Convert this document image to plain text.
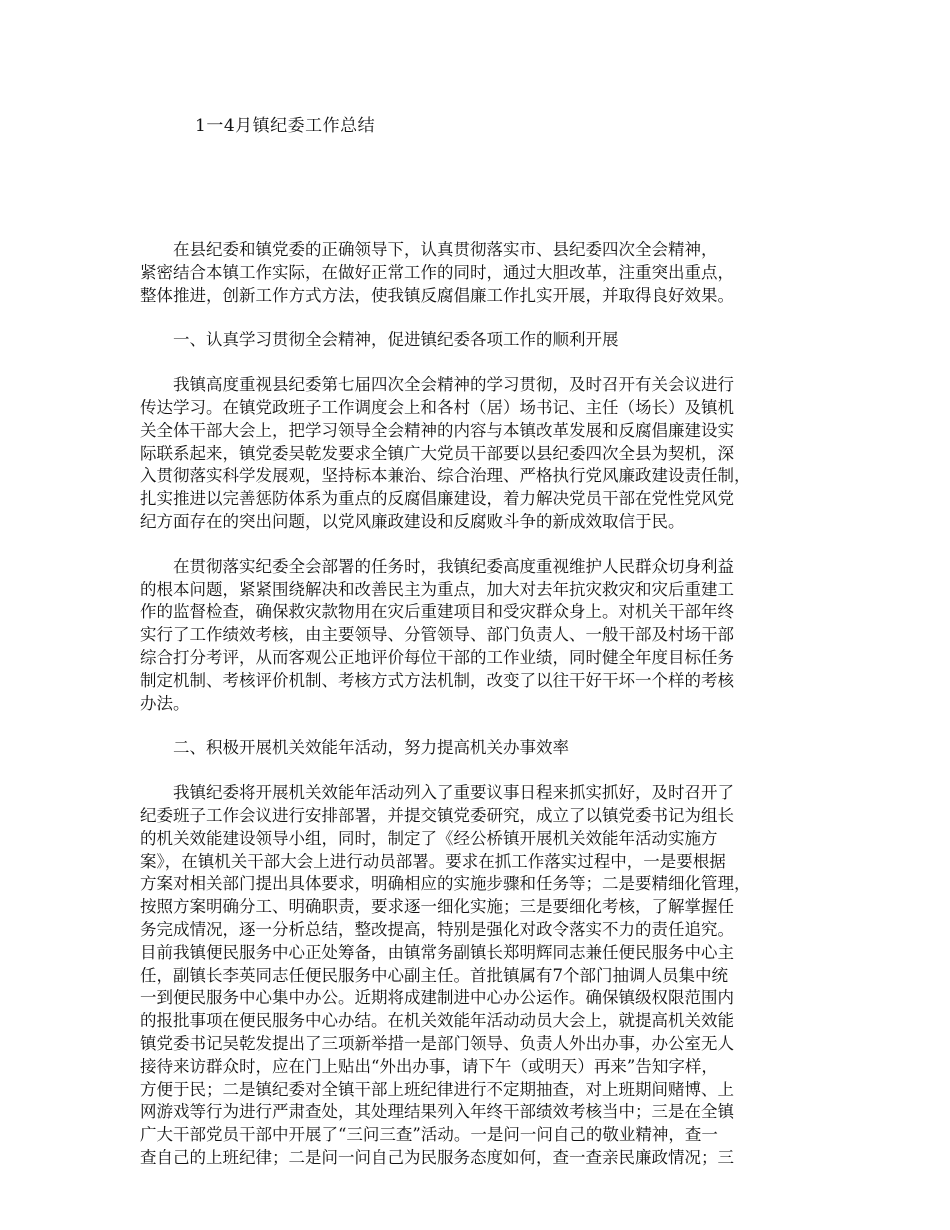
1一4月镇纪委工作总结

　　在县纪委和镇党委的正确领导下，认真贯彻落实市、县纪委四次全会精神，
紧密结合本镇工作实际，在做好正常工作的同时，通过大胆改革，注重突出重点，
整体推进，创新工作方式方法，使我镇反腐倡廉工作扎实开展，并取得良好效果。

　　一、认真学习贯彻全会精神，促进镇纪委各项工作的顺利开展

　　我镇高度重视县纪委第七届四次全会精神的学习贯彻，及时召开有关会议进行
传达学习。在镇党政班子工作调度会上和各村（居）场书记、主任（场长）及镇机
关全体干部大会上，把学习领导全会精神的内容与本镇改革发展和反腐倡廉建设实
际联系起来，镇党委吴乾发要求全镇广大党员干部要以县纪委四次全县为契机，深
入贯彻落实科学发展观，坚持标本兼治、综合治理、严格执行党风廉政建设责任制，
扎实推进以完善惩防体系为重点的反腐倡廉建设，着力解决党员干部在党性党风党
纪方面存在的突出问题，以党风廉政建设和反腐败斗争的新成效取信于民。

　　在贯彻落实纪委全会部署的任务时，我镇纪委高度重视维护人民群众切身利益
的根本问题，紧紧围绕解决和改善民主为重点，加大对去年抗灾救灾和灾后重建工
作的监督检查，确保救灾款物用在灾后重建项目和受灾群众身上。对机关干部年终
实行了工作绩效考核，由主要领导、分管领导、部门负责人、一般干部及村场干部
综合打分考评，从而客观公正地评价每位干部的工作业绩，同时健全年度目标任务
制定机制、考核评价机制、考核方式方法机制，改变了以往干好干坏一个样的考核
办法。

　　二、积极开展机关效能年活动，努力提高机关办事效率

　　我镇纪委将开展机关效能年活动列入了重要议事日程来抓实抓好，及时召开了
纪委班子工作会议进行安排部署，并提交镇党委研究，成立了以镇党委书记为组长
的机关效能建设领导小组，同时，制定了《经公桥镇开展机关效能年活动实施方
案》，在镇机关干部大会上进行动员部署。要求在抓工作落实过程中，一是要根据
方案对相关部门提出具体要求，明确相应的实施步骤和任务等；二是要精细化管理，
按照方案明确分工、明确职责，要求逐一细化实施；三是要细化考核，了解掌握任
务完成情况，逐一分析总结，整改提高，特别是强化对政令落实不力的责任追究。
目前我镇便民服务中心正处筹备，由镇常务副镇长郑明辉同志兼任便民服务中心主
任，副镇长李英同志任便民服务中心副主任。首批镇属有7个部门抽调人员集中统
一到便民服务中心集中办公。近期将成建制进中心办公运作。确保镇级权限范围内
的报批事项在便民服务中心办结。在机关效能年活动动员大会上，就提高机关效能
镇党委书记吴乾发提出了三项新举措一是部门领导、负责人外出办事，办公室无人
接待来访群众时，应在门上贴出“外出办事，请下午（或明天）再来”告知字样，
方便于民；二是镇纪委对全镇干部上班纪律进行不定期抽查，对上班期间赌博、上
网游戏等行为进行严肃查处，其处理结果列入年终干部绩效考核当中；三是在全镇
广大干部党员干部中开展了“三问三查”活动。一是问一问自己的敬业精神，查一
查自己的上班纪律；二是问一问自己为民服务态度如何，查一查亲民廉政情况；三
